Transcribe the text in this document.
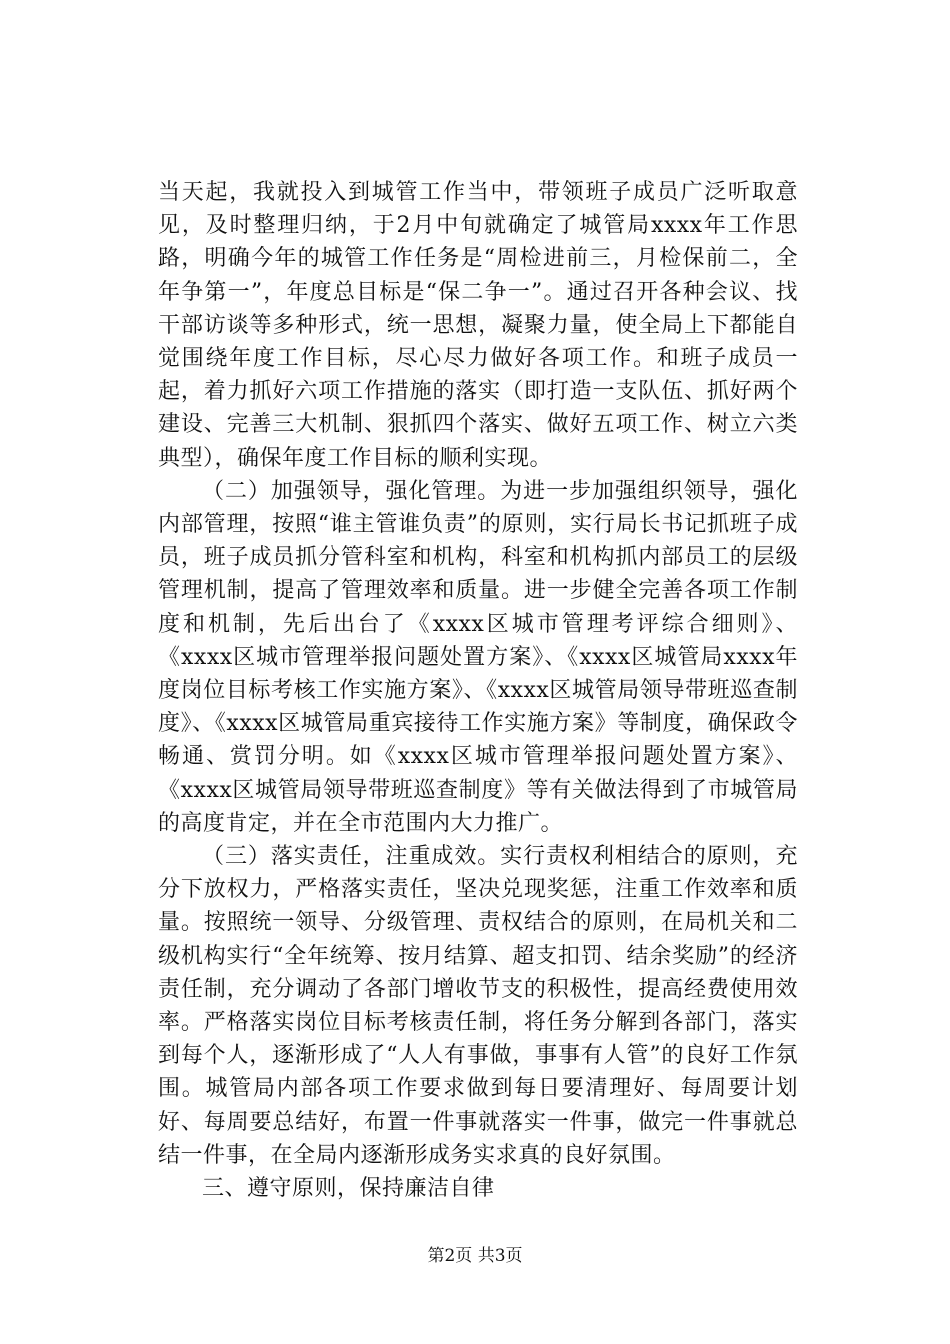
当天起，我就投入到城管工作当中，带领班子成员广泛听取意见，及时整理归纳，于2月中旬就确定了城管局xxxx年工作思路，明确今年的城管工作任务是“周检进前三，月检保前二，全年争第一”，年度总目标是“保二争一”。通过召开各种会议、找干部访谈等多种形式，统一思想，凝聚力量，使全局上下都能自觉围绕年度工作目标，尽心尽力做好各项工作。和班子成员一起，着力抓好六项工作措施的落实（即打造一支队伍、抓好两个建设、完善三大机制、狠抓四个落实、做好五项工作、树立六类典型），确保年度工作目标的顺利实现。

（二）加强领导，强化管理。为进一步加强组织领导，强化内部管理，按照“谁主管谁负责”的原则，实行局长书记抓班子成员，班子成员抓分管科室和机构，科室和机构抓内部员工的层级管理机制，提高了管理效率和质量。进一步健全完善各项工作制度和机制，先后出台了《xxxx区城市管理考评综合细则》、《xxxx区城市管理举报问题处置方案》、《xxxx区城管局xxxx年度岗位目标考核工作实施方案》、《xxxx区城管局领导带班巡查制度》、《xxxx区城管局重宾接待工作实施方案》等制度，确保政令畅通、赏罚分明。如《xxxx区城市管理举报问题处置方案》、《xxxx区城管局领导带班巡查制度》等有关做法得到了市城管局的高度肯定，并在全市范围内大力推广。

（三）落实责任，注重成效。实行责权利相结合的原则，充分下放权力，严格落实责任，坚决兑现奖惩，注重工作效率和质量。按照统一领导、分级管理、责权结合的原则，在局机关和二级机构实行“全年统筹、按月结算、超支扣罚、结余奖励”的经济责任制，充分调动了各部门增收节支的积极性，提高经费使用效率。严格落实岗位目标考核责任制，将任务分解到各部门，落实到每个人，逐渐形成了“人人有事做，事事有人管”的良好工作氛围。城管局内部各项工作要求做到每日要清理好、每周要计划好、每周要总结好，布置一件事就落实一件事，做完一件事就总结一件事，在全局内逐渐形成务实求真的良好氛围。

三、遵守原则，保持廉洁自律

第2页 共3页
